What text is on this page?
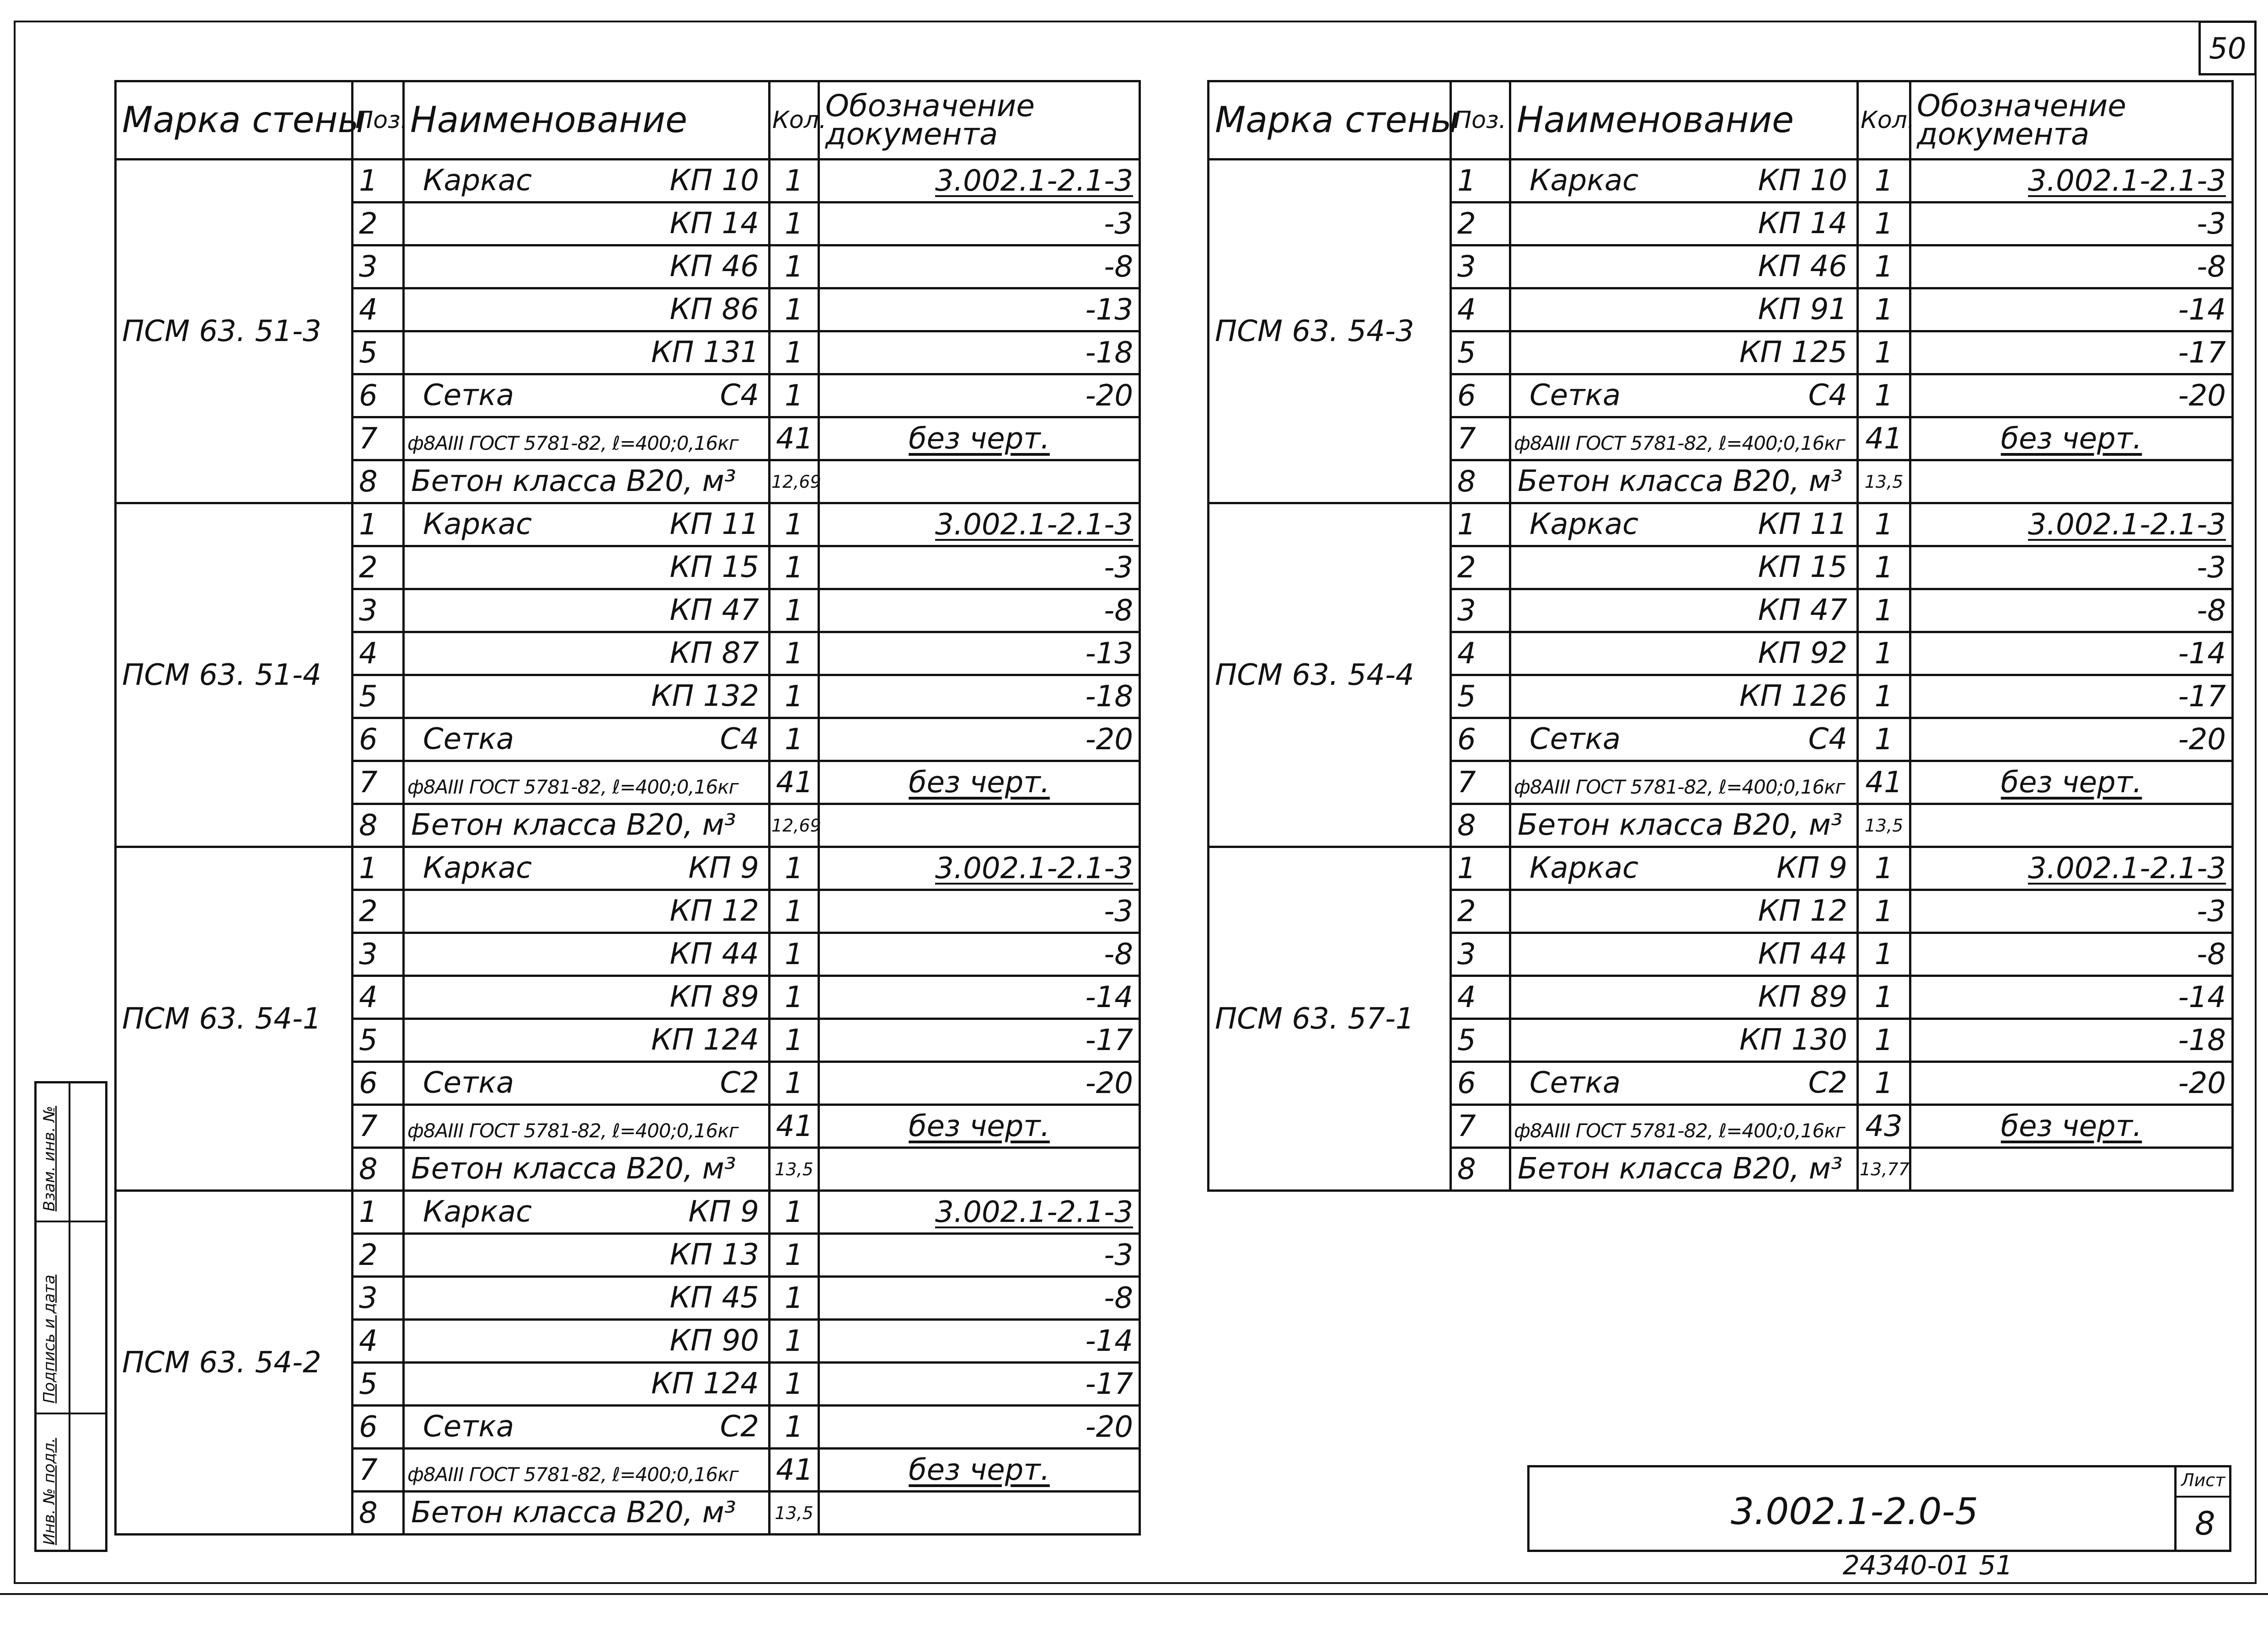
50
Марка стены	Поз.	Наименование	Кол.	Обозначение документа
ПСМ 63. 51-3	1	Каркас КП 10	1	3.002.1-2.1-3
	2	КП 14	1	-3
	3	КП 46	1	-8
	4	КП 86	1	-13
	5	КП 131	1	-18
	6	Сетка С4	1	-20
	7	ф8АIII ГОСТ 5781-82, ℓ=400;0,16кг	41	без черт.
	8	Бетон класса В20, м³	12,69	
ПСМ 63. 51-4	1	Каркас КП 11	1	3.002.1-2.1-3
	2	КП 15	1	-3
	3	КП 47	1	-8
	4	КП 87	1	-13
	5	КП 132	1	-18
	6	Сетка С4	1	-20
	7	ф8АIII ГОСТ 5781-82, ℓ=400;0,16кг	41	без черт.
	8	Бетон класса В20, м³	12,69	
ПСМ 63. 54-1	1	Каркас КП 9	1	3.002.1-2.1-3
	2	КП 12	1	-3
	3	КП 44	1	-8
	4	КП 89	1	-14
	5	КП 124	1	-17
	6	Сетка С2	1	-20
	7	ф8АIII ГОСТ 5781-82, ℓ=400;0,16кг	41	без черт.
	8	Бетон класса В20, м³	13,5	
ПСМ 63. 54-2	1	Каркас КП 9	1	3.002.1-2.1-3
	2	КП 13	1	-3
	3	КП 45	1	-8
	4	КП 90	1	-14
	5	КП 124	1	-17
	6	Сетка С2	1	-20
	7	ф8АIII ГОСТ 5781-82, ℓ=400;0,16кг	41	без черт.
	8	Бетон класса В20, м³	13,5	
Марка стены	Поз.	Наименование	Кол.	Обозначение документа
ПСМ 63. 54-3	1	Каркас КП 10	1	3.002.1-2.1-3
	2	КП 14	1	-3
	3	КП 46	1	-8
	4	КП 91	1	-14
	5	КП 125	1	-17
	6	Сетка С4	1	-20
	7	ф8АIII ГОСТ 5781-82, ℓ=400;0,16кг	41	без черт.
	8	Бетон класса В20, м³	13,5	
ПСМ 63. 54-4	1	Каркас КП 11	1	3.002.1-2.1-3
	2	КП 15	1	-3
	3	КП 47	1	-8
	4	КП 92	1	-14
	5	КП 126	1	-17
	6	Сетка С4	1	-20
	7	ф8АIII ГОСТ 5781-82, ℓ=400;0,16кг	41	без черт.
	8	Бетон класса В20, м³	13,5	
ПСМ 63. 57-1	1	Каркас КП 9	1	3.002.1-2.1-3
	2	КП 12	1	-3
	3	КП 44	1	-8
	4	КП 89	1	-14
	5	КП 130	1	-18
	6	Сетка С2	1	-20
	7	ф8АIII ГОСТ 5781-82, ℓ=400;0,16кг	43	без черт.
	8	Бетон класса В20, м³	13,77	
Взам. инв. №
Подпись и дата
Инв. № подл.	3.002.1-2.0-5
Лист
8
24340-01 51
